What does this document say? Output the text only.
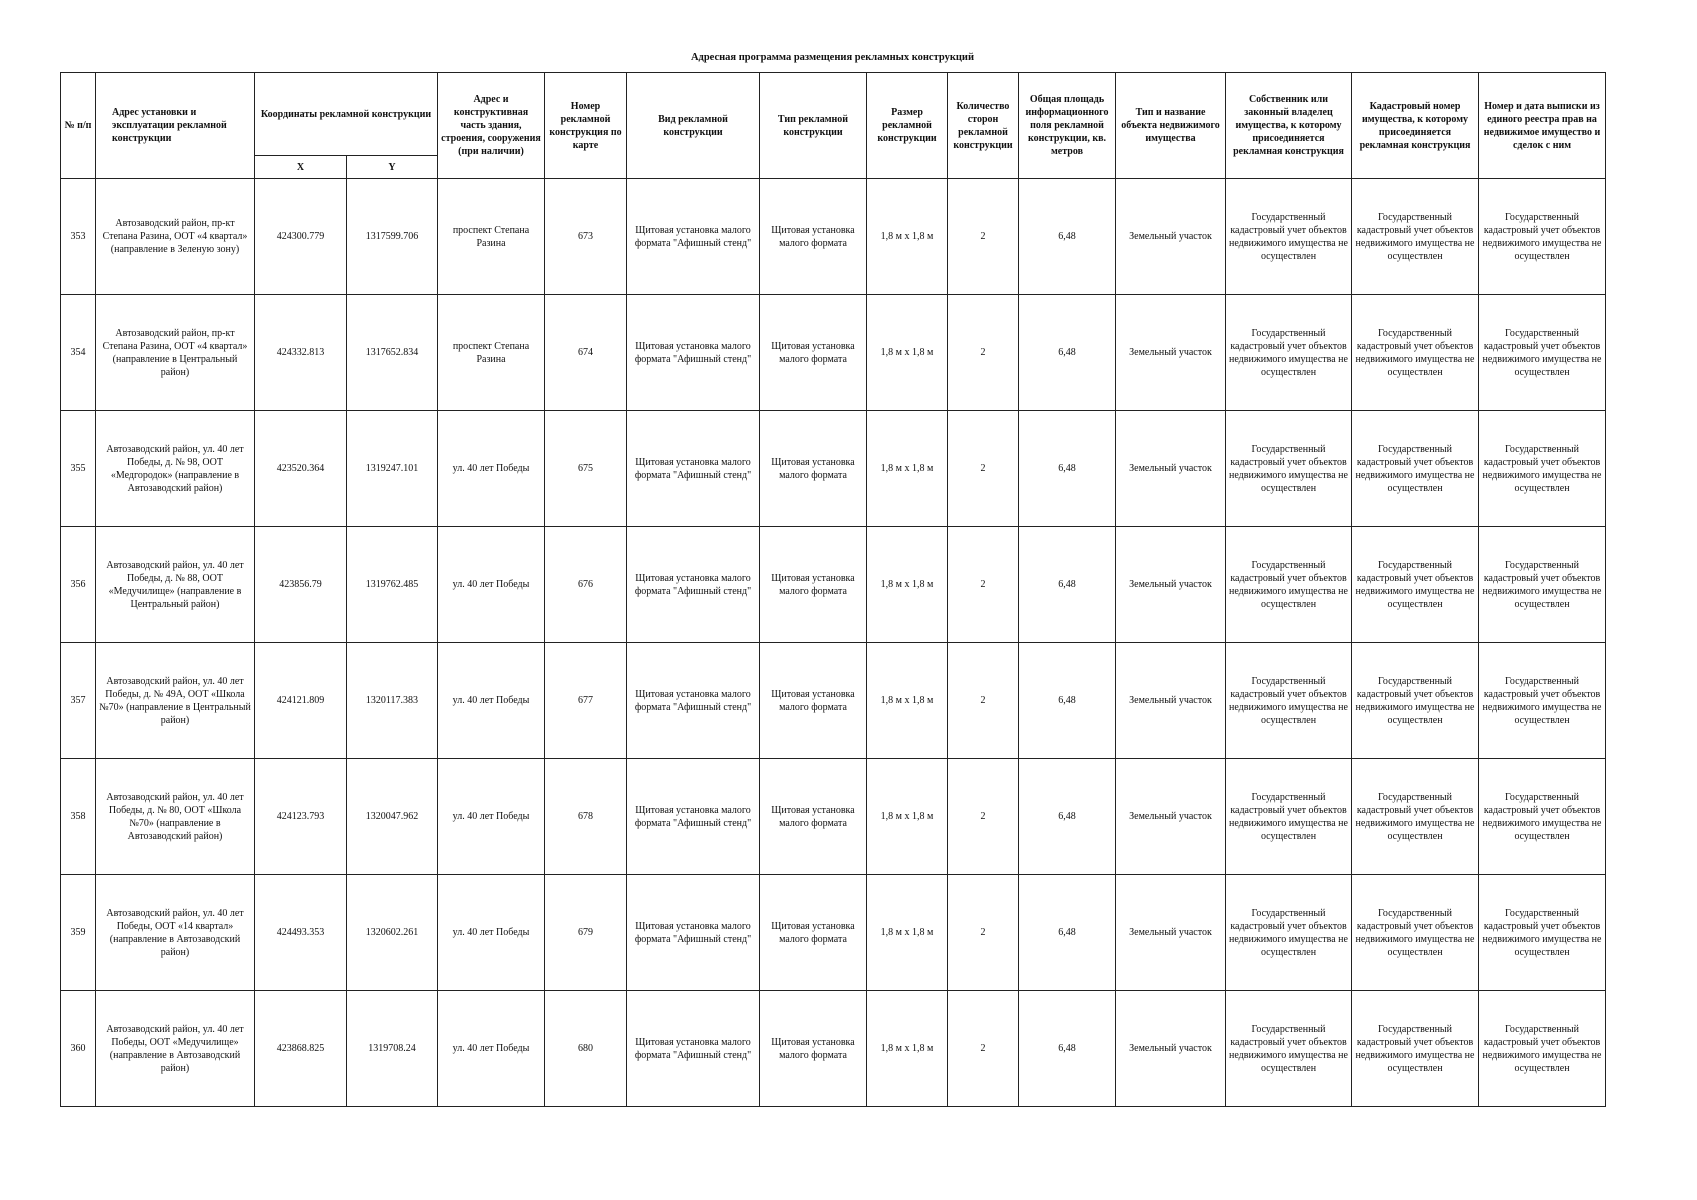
Адресная программа размещения рекламных конструкций
№ п/п	Адрес установки и эксплуатации рекламной конструкции	Координаты рекламной конструкции		Адрес и конструктивная часть здания, строения, сооружения (при наличии)	Номер рекламной конструкция по карте	Вид рекламной конструкции	Тип рекламной конструкции	Размер рекламной конструкции	Количество сторон рекламной конструкции	Общая площадь информационного поля рекламной конструкции, кв. метров	Тип и название объекта недвижимого имущества	Собственник или законный владелец имущества, к которому присоединяется рекламная конструкция	Кадастровый номер имущества, к которому присоединяется рекламная конструкция	Номер и дата выписки из единого реестра прав на недвижимое имущество и сделок с ним
		X	Y											
353	Автозаводский район, пр-кт Степана Разина, ООТ «4 квартал» (направление в Зеленую зону)	424300.779	1317599.706	проспект Степана Разина	673	Щитовая установка малого формата "Афишный стенд"	Щитовая установка малого формата	1,8 м х 1,8 м	2	6,48	Земельный участок	Государственный кадастровый учет объектов недвижимого имущества не осуществлен	Государственный кадастровый учет объектов недвижимого имущества не осуществлен	Государственный кадастровый учет объектов недвижимого имущества не осуществлен
354	Автозаводский район, пр-кт Степана Разина, ООТ «4 квартал» (направление в Центральный район)	424332.813	1317652.834	проспект Степана Разина	674	Щитовая установка малого формата "Афишный стенд"	Щитовая установка малого формата	1,8 м х 1,8 м	2	6,48	Земельный участок	Государственный кадастровый учет объектов недвижимого имущества не осуществлен	Государственный кадастровый учет объектов недвижимого имущества не осуществлен	Государственный кадастровый учет объектов недвижимого имущества не осуществлен
355	Автозаводский район, ул. 40 лет Победы, д. № 98, ООТ «Медгородок» (направление в Автозаводский район)	423520.364	1319247.101	ул. 40 лет Победы	675	Щитовая установка малого формата "Афишный стенд"	Щитовая установка малого формата	1,8 м х 1,8 м	2	6,48	Земельный участок	Государственный кадастровый учет объектов недвижимого имущества не осуществлен	Государственный кадастровый учет объектов недвижимого имущества не осуществлен	Государственный кадастровый учет объектов недвижимого имущества не осуществлен
356	Автозаводский район, ул. 40 лет Победы, д. № 88, ООТ «Медучилище» (направление в Центральный район)	423856.79	1319762.485	ул. 40 лет Победы	676	Щитовая установка малого формата "Афишный стенд"	Щитовая установка малого формата	1,8 м х 1,8 м	2	6,48	Земельный участок	Государственный кадастровый учет объектов недвижимого имущества не осуществлен	Государственный кадастровый учет объектов недвижимого имущества не осуществлен	Государственный кадастровый учет объектов недвижимого имущества не осуществлен
357	Автозаводский район, ул. 40 лет Победы, д. № 49А, ООТ «Школа №70» (направление в Центральный район)	424121.809	1320117.383	ул. 40 лет Победы	677	Щитовая установка малого формата "Афишный стенд"	Щитовая установка малого формата	1,8 м х 1,8 м	2	6,48	Земельный участок	Государственный кадастровый учет объектов недвижимого имущества не осуществлен	Государственный кадастровый учет объектов недвижимого имущества не осуществлен	Государственный кадастровый учет объектов недвижимого имущества не осуществлен
358	Автозаводский район, ул. 40 лет Победы, д. № 80, ООТ «Школа №70» (направление в Автозаводский район)	424123.793	1320047.962	ул. 40 лет Победы	678	Щитовая установка малого формата "Афишный стенд"	Щитовая установка малого формата	1,8 м х 1,8 м	2	6,48	Земельный участок	Государственный кадастровый учет объектов недвижимого имущества не осуществлен	Государственный кадастровый учет объектов недвижимого имущества не осуществлен	Государственный кадастровый учет объектов недвижимого имущества не осуществлен
359	Автозаводский район, ул. 40 лет Победы, ООТ «14 квартал» (направление в Автозаводский район)	424493.353	1320602.261	ул. 40 лет Победы	679	Щитовая установка малого формата "Афишный стенд"	Щитовая установка малого формата	1,8 м х 1,8 м	2	6,48	Земельный участок	Государственный кадастровый учет объектов недвижимого имущества не осуществлен	Государственный кадастровый учет объектов недвижимого имущества не осуществлен	Государственный кадастровый учет объектов недвижимого имущества не осуществлен
360	Автозаводский район, ул. 40 лет Победы, ООТ «Медучилище» (направление в Автозаводский район)	423868.825	1319708.24	ул. 40 лет Победы	680	Щитовая установка малого формата "Афишный стенд"	Щитовая установка малого формата	1,8 м х 1,8 м	2	6,48	Земельный участок	Государственный кадастровый учет объектов недвижимого имущества не осуществлен	Государственный кадастровый учет объектов недвижимого имущества не осуществлен	Государственный кадастровый учет объектов недвижимого имущества не осуществлен
